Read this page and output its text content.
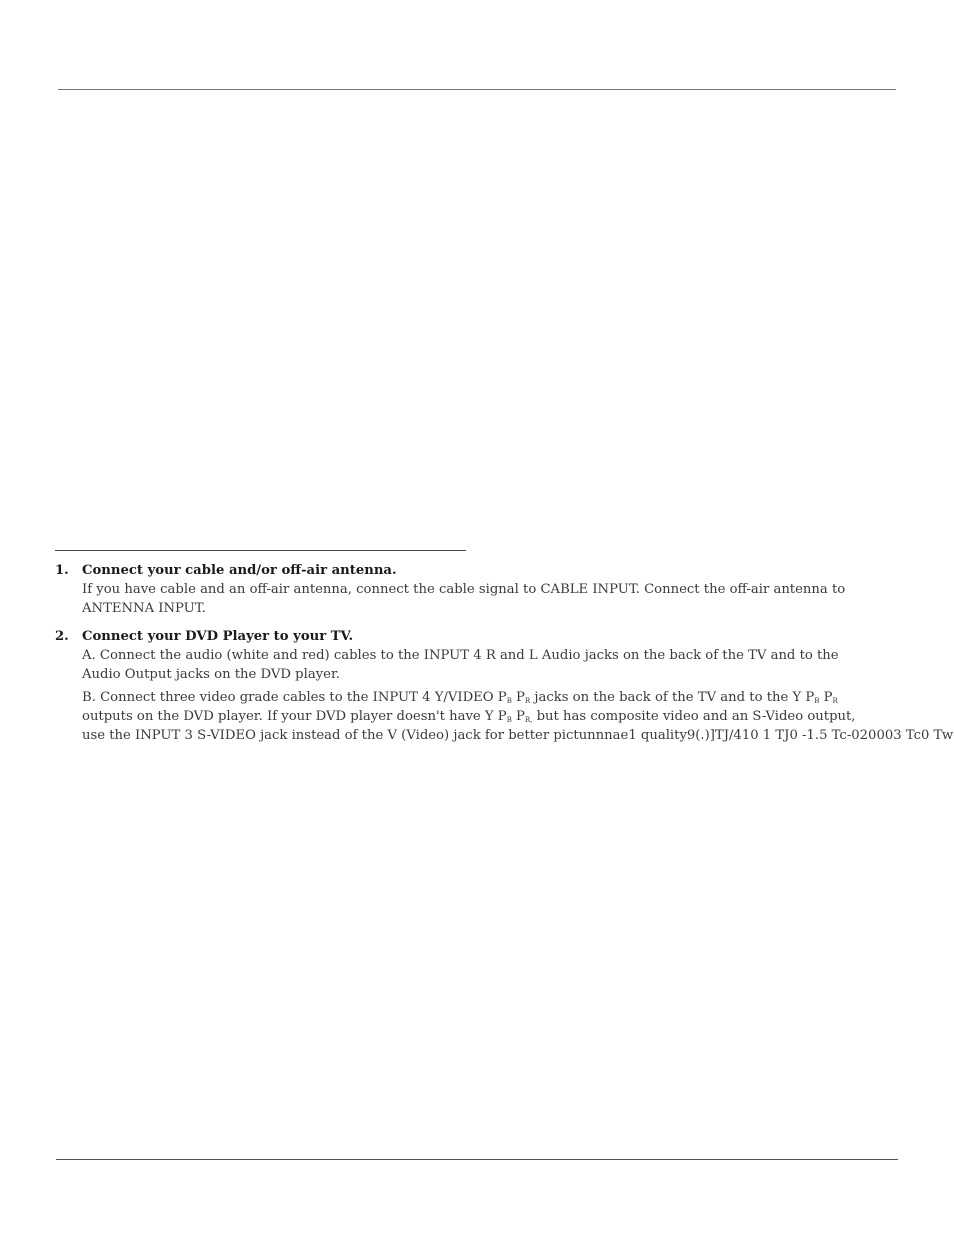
1. Connect your cable and/or off-air antenna.
If you have cable and an off-air antenna, connect the cable signal to CABLE INPUT. Connect the off-air antenna to
ANTENNA INPUT.
2. Connect your DVD Player to your TV.
A. Connect the audio (white and red) cables to the INPUT 4 R and L Audio jacks on the back of the TV and to the
Audio Output jacks on the DVD player.
B. Connect three video grade cables to the INPUT 4 Y/VIDEO $P_B$ $P_R$ jacks on the back of the TV and to the Y $P_B$ $P_R$
outputs on the DVD player. If your DVD player doesn't have Y $P_B$ $P_{R,}$ but has composite video and an S-Video output,
use the INPUT 3 S-VIDEO jack instead of the V (Video) jack for better pictunnnae1 quality9(.)]TJ/410 1 TJ0 -1.5 Tc-020003 Tc0 Tw
